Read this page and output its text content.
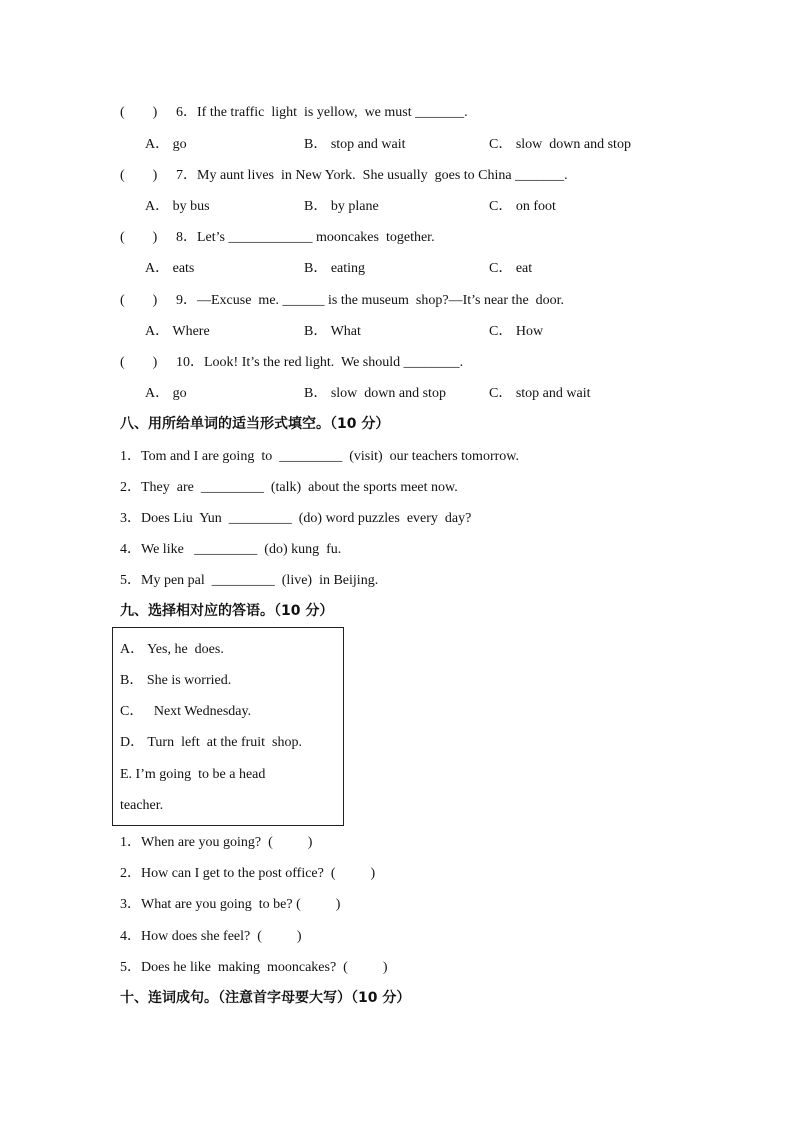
( ) 6．If the traffic  light  is yellow,  we must _______.
A． go	B． stop and wait	C． slow  down and stop
( ) 7．My aunt lives  in New York.  She usually  goes to China _______.
A． by bus	B． by plane	C． on foot
( ) 8．Let’s ____________ mooncakes  together.
A． eats	B． eating	C． eat
( ) 9．—Excuse  me. ______ is the museum  shop?—It’s near the  door.
A． Where	B． What	C． How
( ) 10．Look! It’s the red light.  We should ________.
A． go	B． slow  down and stop	C． stop and wait
八、用所给单词的适当形式填空。（10 分）
1．Tom and I are going  to  _________  (visit)  our teachers tomorrow.
2．They  are  _________  (talk)  about the sports meet now.
3．Does Liu  Yun  _________  (do) word puzzles  every  day?
4．We like   _________  (do) kung  fu.
5．My pen pal  _________  (live)  in Beijing.
九、选择相对应的答语。（10 分）
A． Yes, he  does.
B． She is worried.
C．   Next Wednesday.
D． Turn  left  at the fruit  shop.
E. I’m going  to be a head
teacher.
1．When are you going?  (          )
2．How can I get to the post office?  (          )
3．What are you going  to be? (          )
4．How does she feel?  (          )
5．Does he like  making  mooncakes?  (          )
十、连词成句。（注意首字母要大写）（10 分）
